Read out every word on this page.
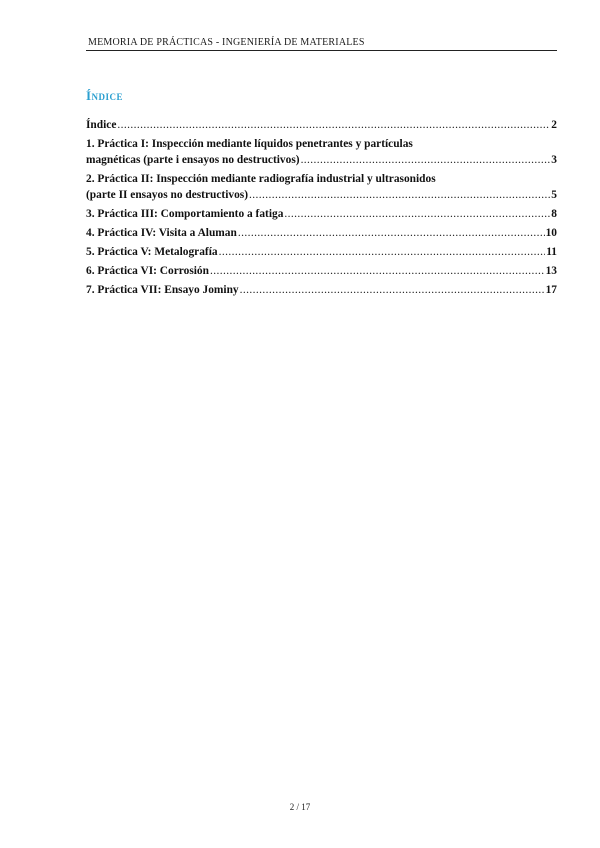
MEMORIA DE PRÁCTICAS - INGENIERÍA DE MATERIALES
Índice
Índice .....	2
1. Práctica I: Inspección mediante líquidos penetrantes y partículas
magnéticas (parte i ensayos no destructivos) .....	3
2. Práctica II: Inspección mediante radiografía industrial y ultrasonidos
(parte II ensayos no destructivos) .....	5
3. Práctica III: Comportamiento a fatiga .....	8
4. Práctica IV: Visita a Aluman .....	10
5. Práctica V: Metalografía .....	11
6. Práctica VI: Corrosión .....	13
7. Práctica VII: Ensayo Jominy .....	17
2 / 17
